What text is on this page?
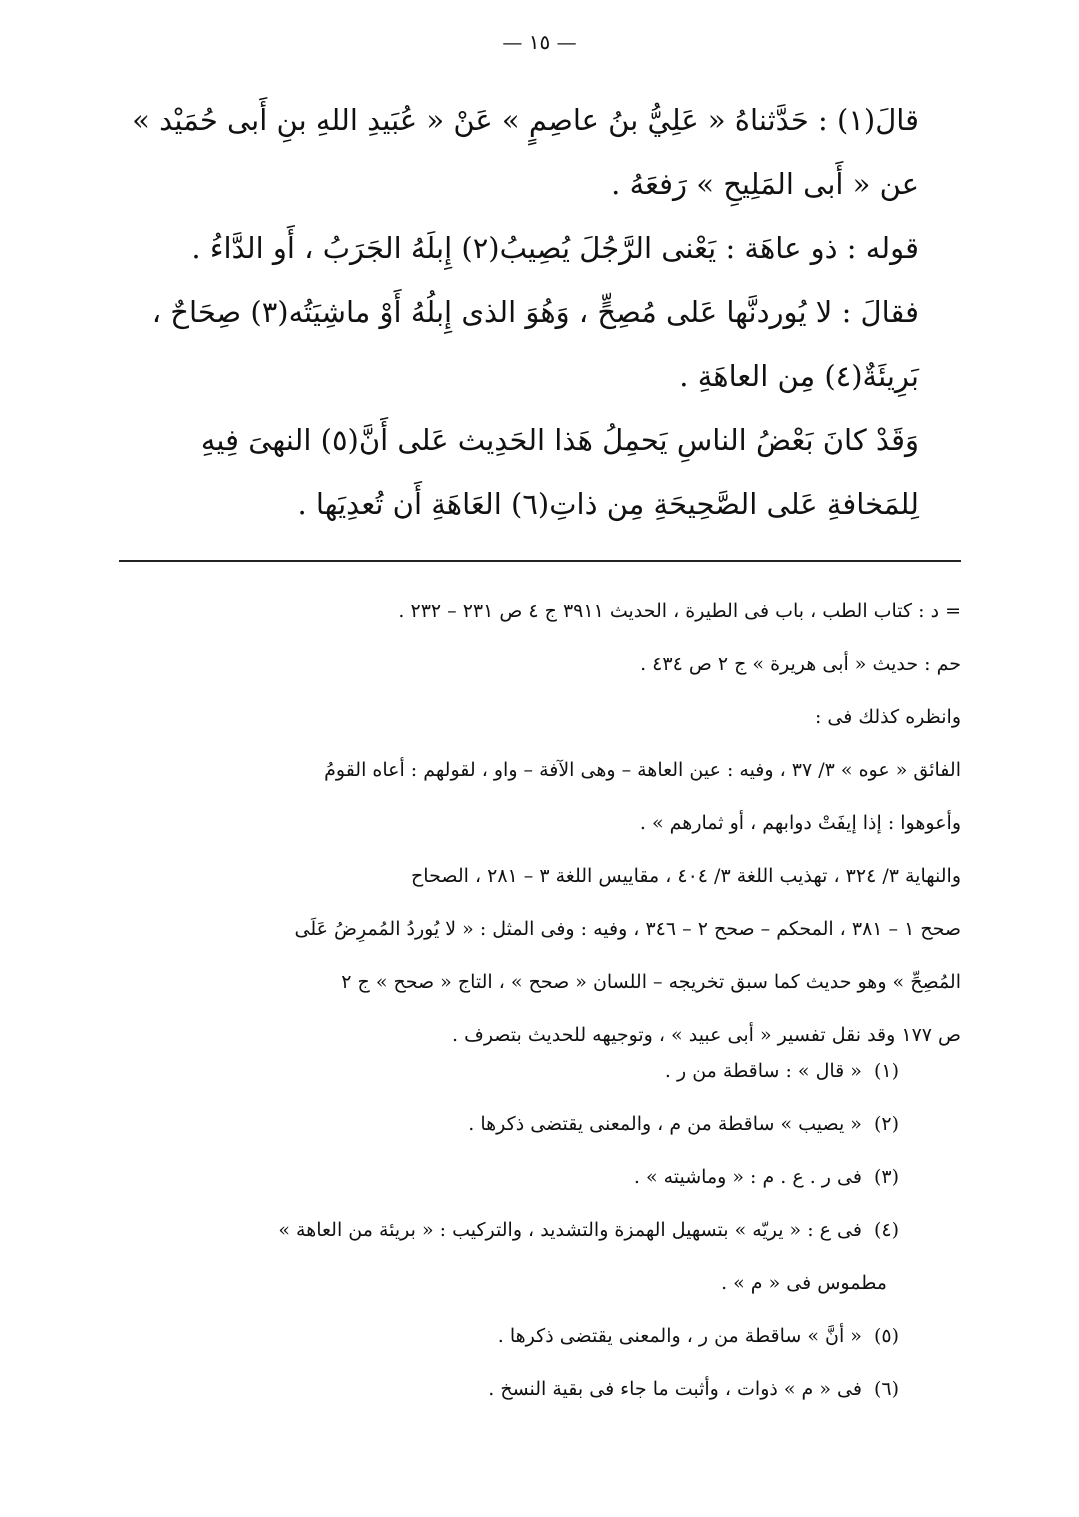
— ١٥ —

قالَ(١) : حَدَّثناهُ « عَلِيُّ بنُ عاصِمٍ » عَنْ « عُبَيدِ اللهِ بنِ أَبى حُمَيْد »

عن « أَبى المَلِيحِ » رَفعَهُ .

قوله : ذو عاهَة : يَعْنى الرَّجُلَ يُصِيبُ(٢) إِبلَهُ الجَرَبُ ، أَو الدَّاءُ .

فقالَ : لا يُوردنَّها عَلى مُصِحٍّ ، وَهُوَ الذى إِبلُهُ أَوْ ماشِيَتُه(٣) صِحَاحٌ ،

بَرِيئَةٌ(٤) مِن العاهَةِ .

وَقَدْ كانَ بَعْضُ الناسِ يَحمِلُ هَذا الحَدِيث عَلى أَنَّ(٥) النهىَ فِيهِ

لِلمَخافةِ عَلى الصَّحِيحَةِ مِن ذاتِ(٦) العَاهَةِ أَن تُعدِيَها .

= د : كتاب الطب ، باب فى الطيرة ، الحديث ٣٩١١ ج ٤ ص ٢٣١ – ٢٣٢ .

حم : حديث « أبى هريرة » ج ٢ ص ٤٣٤ .

وانظره كذلك فى :

الفائق « عوه » ٣/ ٣٧ ، وفيه : عين العاهة – وهى الآفة – واو ، لقولهم : أعاه القومُ

وأعوهوا : إذا إيفَتْ دوابهم ، أو ثمارهم » .

والنهاية ٣/ ٣٢٤ ، تهذيب اللغة ٣/ ٤٠٤ ، مقاييس اللغة ٣ – ٢٨١ ، الصحاح

صحح ١ – ٣٨١ ، المحكم – صحح ٢ – ٣٤٦ ، وفيه : وفى المثل : « لا يُوردُ المُمرِضُ عَلَى

المُصِحِّ » وهو حديث كما سبق تخريجه – اللسان « صحح » ، التاج « صحح » ج ٢

ص ١٧٧ وقد نقل تفسير « أبى عبيد » ، وتوجيهه للحديث بتصرف .

(١)« قال » : ساقطة من ر .

(٢)« يصيب » ساقطة من م ، والمعنى يقتضى ذكرها .

(٣)فى ر . ع . م : « وماشيته » .

(٤)فى ع : « يريّه » بتسهيل الهمزة والتشديد ، والتركيب : « بريئة من العاهة »

مطموس فى « م » .

(٥)« أنَّ » ساقطة من ر ، والمعنى يقتضى ذكرها .

(٦)فى « م » ذوات ، وأثبت ما جاء فى بقية النسخ .
